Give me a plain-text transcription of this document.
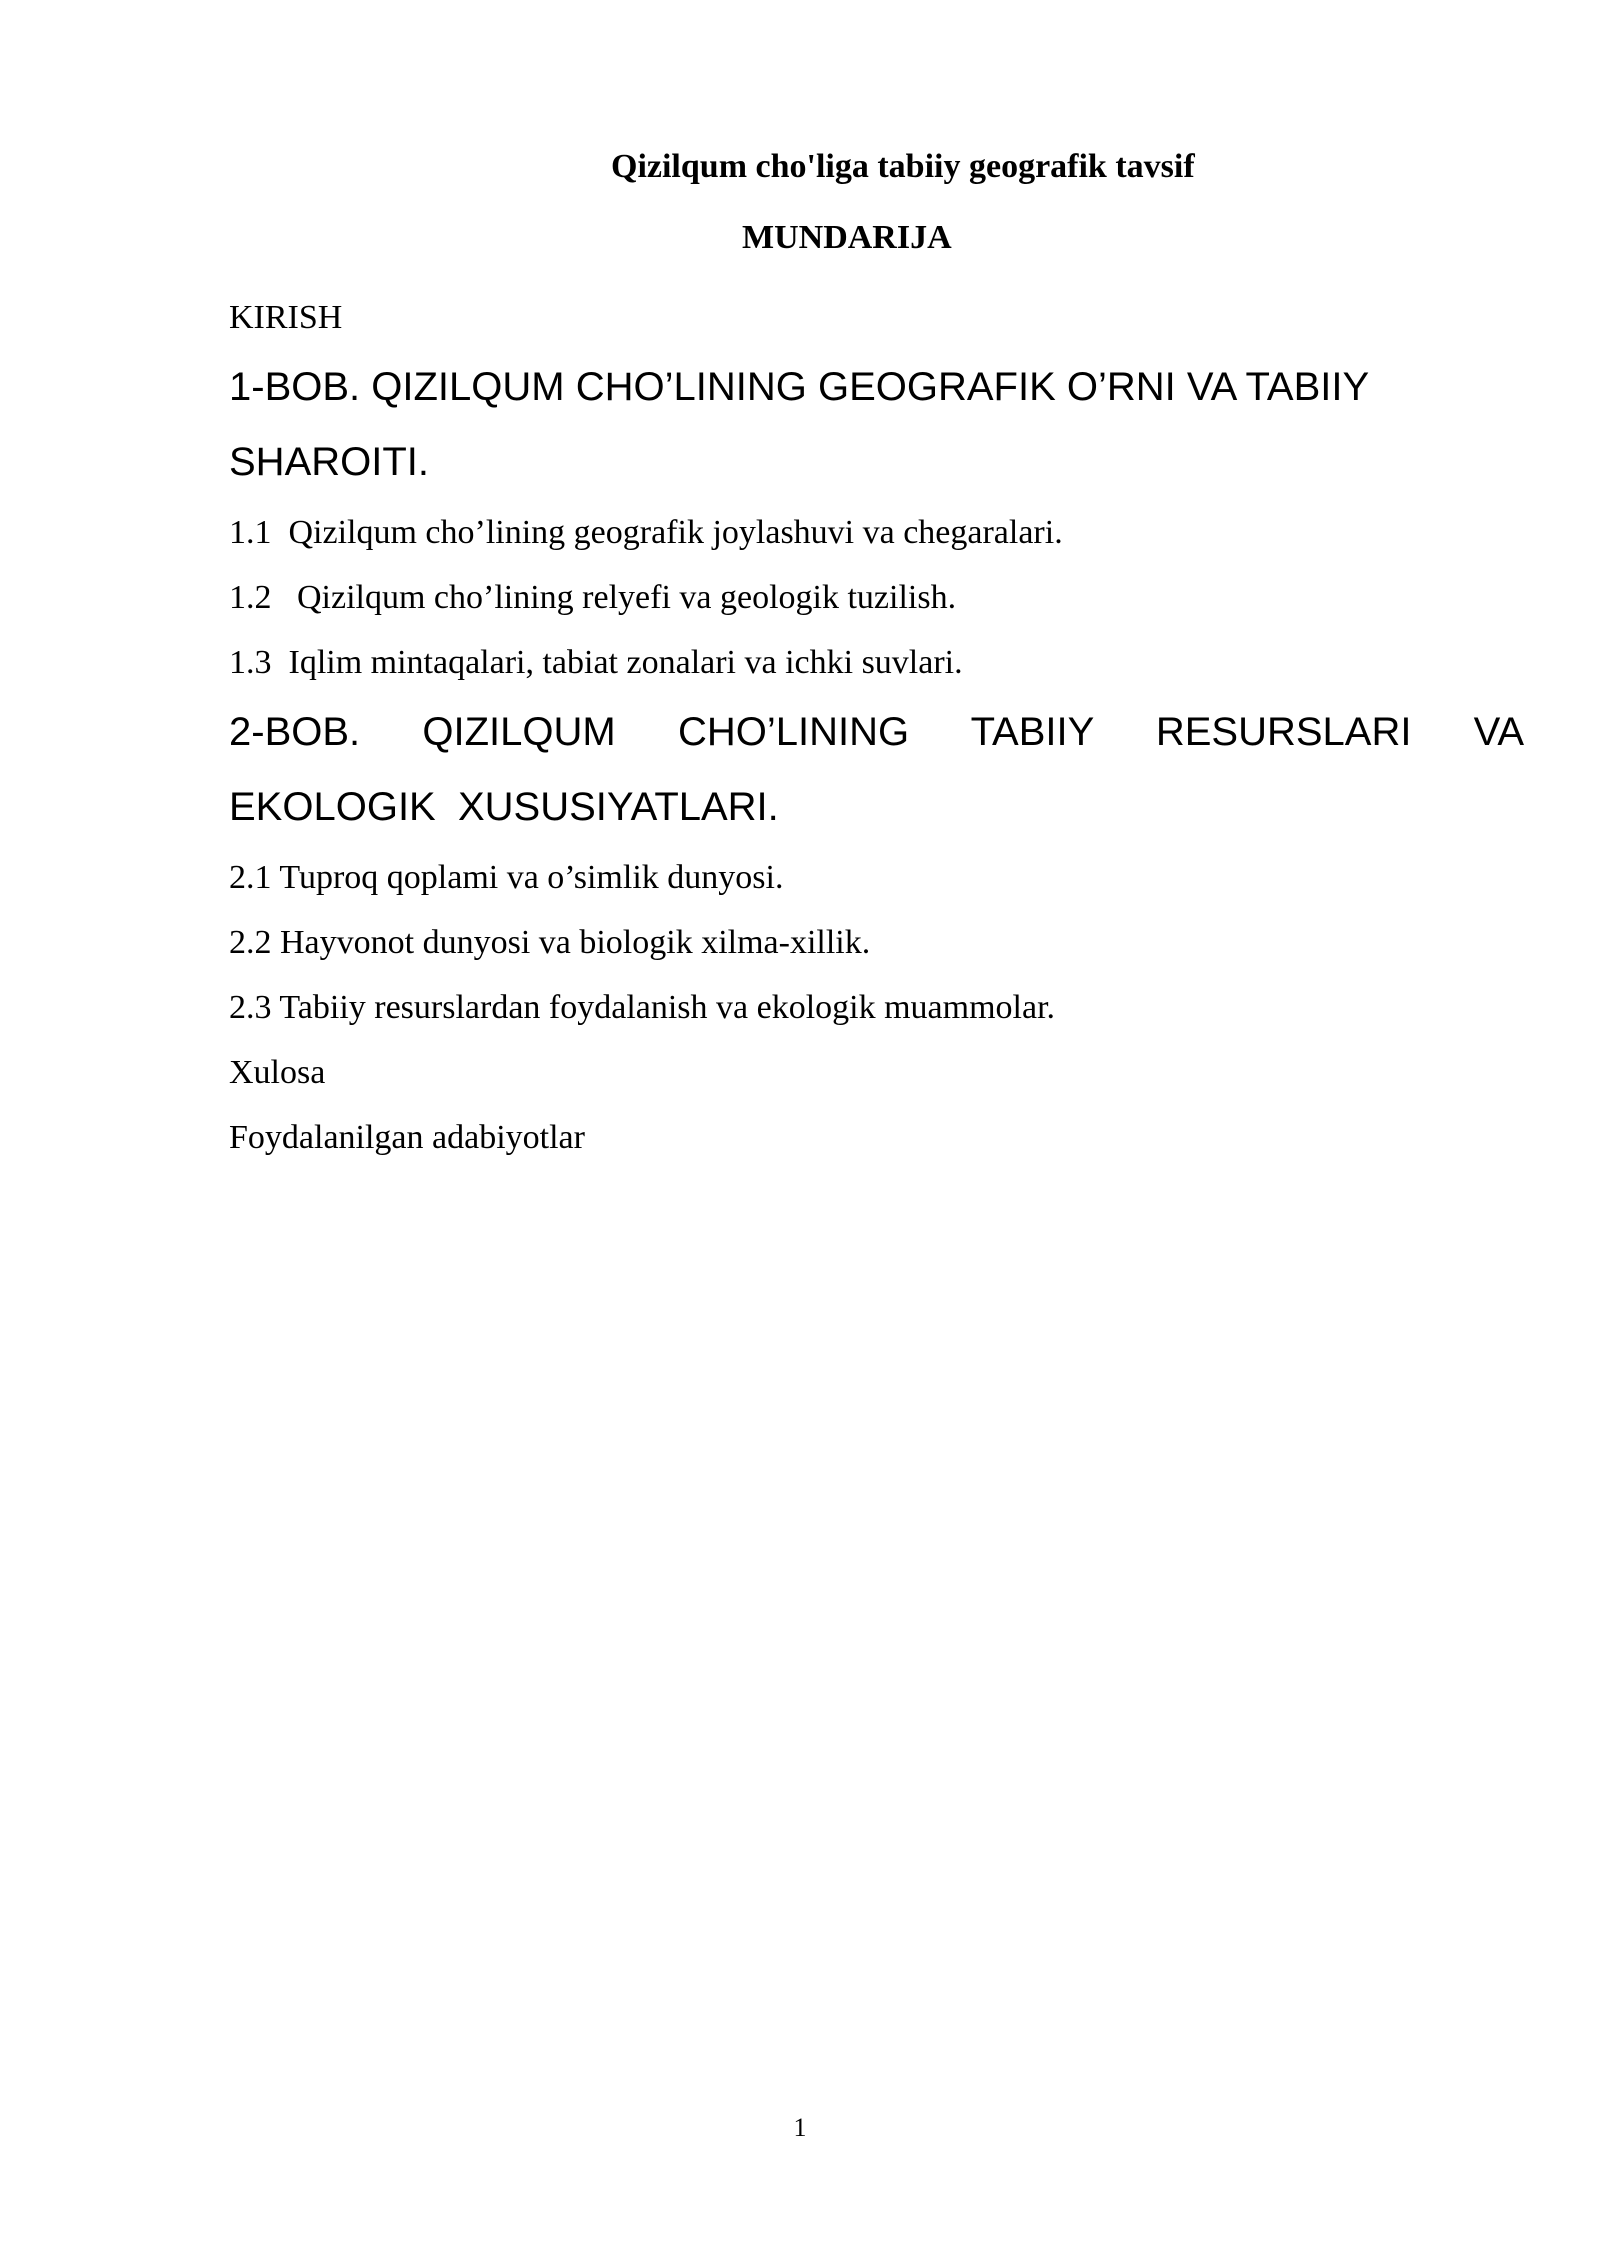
Qizilqum cho'liga tabiiy geografik tavsif
MUNDARIJA
KIRISH
1-BOB. QIZILQUM CHO’LINING GEOGRAFIK O’RNI VA TABIIY
SHAROITI.
1.1  Qizilqum cho’lining geografik joylashuvi va chegaralari.
1.2   Qizilqum cho’lining relyefi va geologik tuzilish.
1.3  Iqlim mintaqalari, tabiat zonalari va ichki suvlari.
2-BOB.  QIZILQUM  CHO’LINING  TABIIY  RESURSLARI  VA
EKOLOGIK  XUSUSIYATLARI.
2.1 Tuproq qoplami va o’simlik dunyosi.
2.2 Hayvonot dunyosi va biologik xilma-xillik.
2.3 Tabiiy resurslardan foydalanish va ekologik muammolar.
Xulosa
Foydalanilgan adabiyotlar
1
